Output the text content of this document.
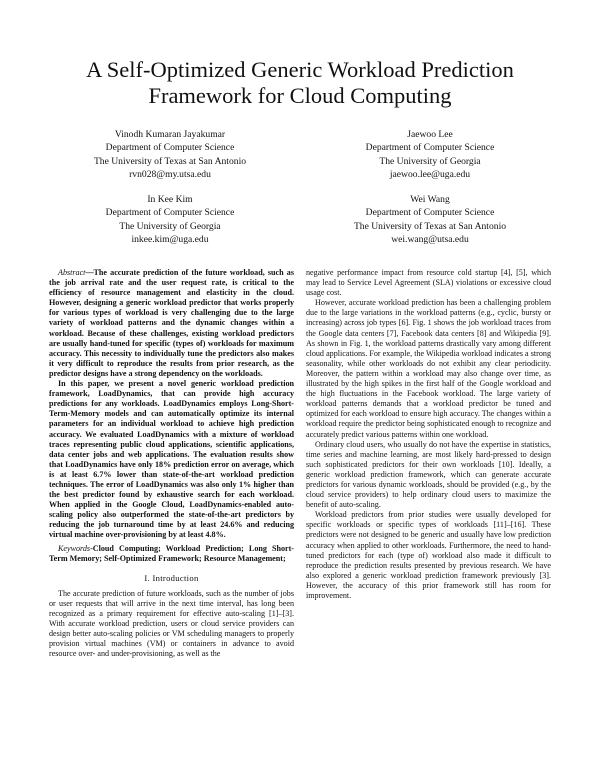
A Self-Optimized Generic Workload Prediction
Framework for Cloud Computing
Vinodh Kumaran Jayakumar
Department of Computer Science
The University of Texas at San Antonio
rvn028@my.utsa.edu
Jaewoo Lee
Department of Computer Science
The University of Georgia
jaewoo.lee@uga.edu
In Kee Kim
Department of Computer Science
The University of Georgia
inkee.kim@uga.edu
Wei Wang
Department of Computer Science
The University of Texas at San Antonio
wei.wang@utsa.edu

Abstract—The accurate prediction of the future workload, such as the job arrival rate and the user request rate, is critical to the efficiency of resource management and elasticity in the cloud. However, designing a generic workload predictor that works properly for various types of workload is very challenging due to the large variety of workload patterns and the dynamic changes within a workload. Because of these challenges, existing workload predictors are usually hand-tuned for specific (types of) workloads for maximum accuracy. This necessity to individually tune the predictors also makes it very difficult to reproduce the results from prior research, as the predictor designs have a strong dependency on the workloads.

In this paper, we present a novel generic workload prediction framework, LoadDynamics, that can provide high accuracy predictions for any workloads. LoadDynamics employs Long-Short-Term-Memory models and can automatically optimize its internal parameters for an individual workload to achieve high prediction accuracy. We evaluated LoadDynamics with a mixture of workload traces representing public cloud applications, scientific applications, data center jobs and web applications. The evaluation results show that LoadDynamics have only 18% prediction error on average, which is at least 6.7% lower than state-of-the-art workload prediction techniques. The error of LoadDynamics was also only 1% higher than the best predictor found by exhaustive search for each workload. When applied in the Google Cloud, LoadDynamics-enabled auto-scaling policy also outperformed the state-of-the-art predictors by reducing the job turnaround time by at least 24.6% and reducing virtual machine over-provisioning by at least 4.8%.

Keywords-Cloud Computing; Workload Prediction; Long Short-Term Memory; Self-Optimized Framework; Resource Management;
I. Introduction

The accurate prediction of future workloads, such as the number of jobs or user requests that will arrive in the next time interval, has long been recognized as a primary requirement for effective auto-scaling [1]–[3]. With accurate workload prediction, users or cloud service providers can design better auto-scaling policies or VM scheduling managers to properly provision virtual machines (VM) or containers in advance to avoid resource over- and under-provisioning, as well as the

negative performance impact from resource cold startup [4], [5], which may lead to Service Level Agreement (SLA) violations or excessive cloud usage cost.

However, accurate workload prediction has been a challenging problem due to the large variations in the workload patterns (e.g., cyclic, bursty or increasing) across job types [6]. Fig. 1 shows the job workload traces from the Google data centers [7], Facebook data centers [8] and Wikipedia [9]. As shown in Fig. 1, the workload patterns drastically vary among different cloud applications. For example, the Wikipedia workload indicates a strong seasonality, while other workloads do not exhibit any clear periodicity. Moreover, the pattern within a workload may also change over time, as illustrated by the high spikes in the first half of the Google workload and the high fluctuations in the Facebook workload. The large variety of workload patterns demands that a workload predictor be tuned and optimized for each workload to ensure high accuracy. The changes within a workload require the predictor being sophisticated enough to recognize and accurately predict various patterns within one workload.

Ordinary cloud users, who usually do not have the expertise in statistics, time series and machine learning, are most likely hard-pressed to design such sophisticated predictors for their own workloads [10]. Ideally, a generic workload prediction framework, which can generate accurate predictors for various dynamic workloads, should be provided (e.g., by the cloud service providers) to help ordinary cloud users to maximize the benefit of auto-scaling.

Workload predictors from prior studies were usually developed for specific workloads or specific types of workloads [11]–[16]. These predictors were not designed to be generic and usually have low prediction accuracy when applied to other workloads. Furthermore, the need to hand-tuned predictors for each (type of) workload also made it difficult to reproduce the prediction results presented by previous research. We have also explored a generic workload prediction framework previously [3]. However, the accuracy of this prior framework still has room for improvement.
